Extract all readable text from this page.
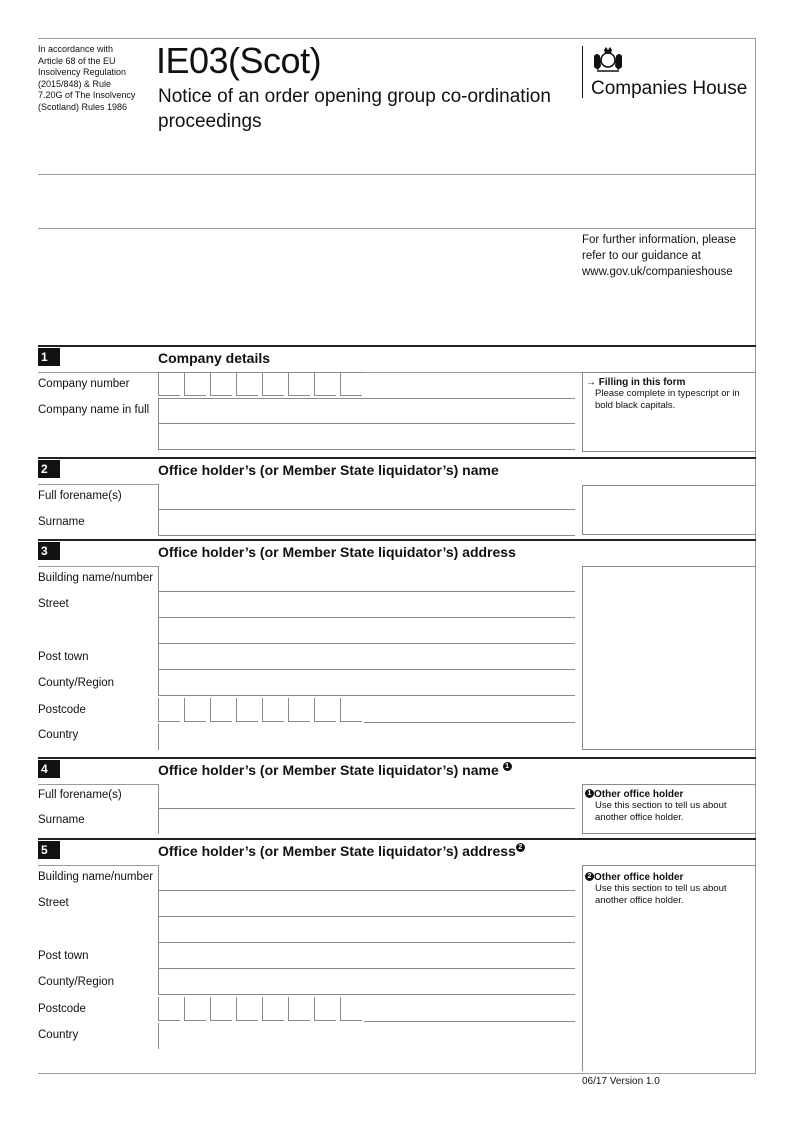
In accordance with
Article 68 of the EU
Insolvency Regulation
(2015/848) & Rule
7.20G of The Insolvency
(Scotland) Rules 1986
IE03(Scot)
Notice of an order opening group co-ordination
proceedings
Companies House
For further information, please
refer to our guidance at
www.gov.uk/companieshouse
1	Company details
Company number
Company name in full
→ Filling in this form
Please complete in typescript or in
bold black capitals.
2	Office holder’s (or Member State liquidator’s) name
Full forename(s)
Surname
3	Office holder’s (or Member State liquidator’s) address
Building name/number
Street
Post town
County/Region
Postcode
Country
4	Office holder’s (or Member State liquidator’s) name 1
Full forename(s)
Surname
1 Other office holder
Use this section to tell us about
another office holder.
5	Office holder’s (or Member State liquidator’s) address 2
Building name/number
Street
Post town
County/Region
Postcode
Country
2 Other office holder
Use this section to tell us about
another office holder.
06/17 Version 1.0
